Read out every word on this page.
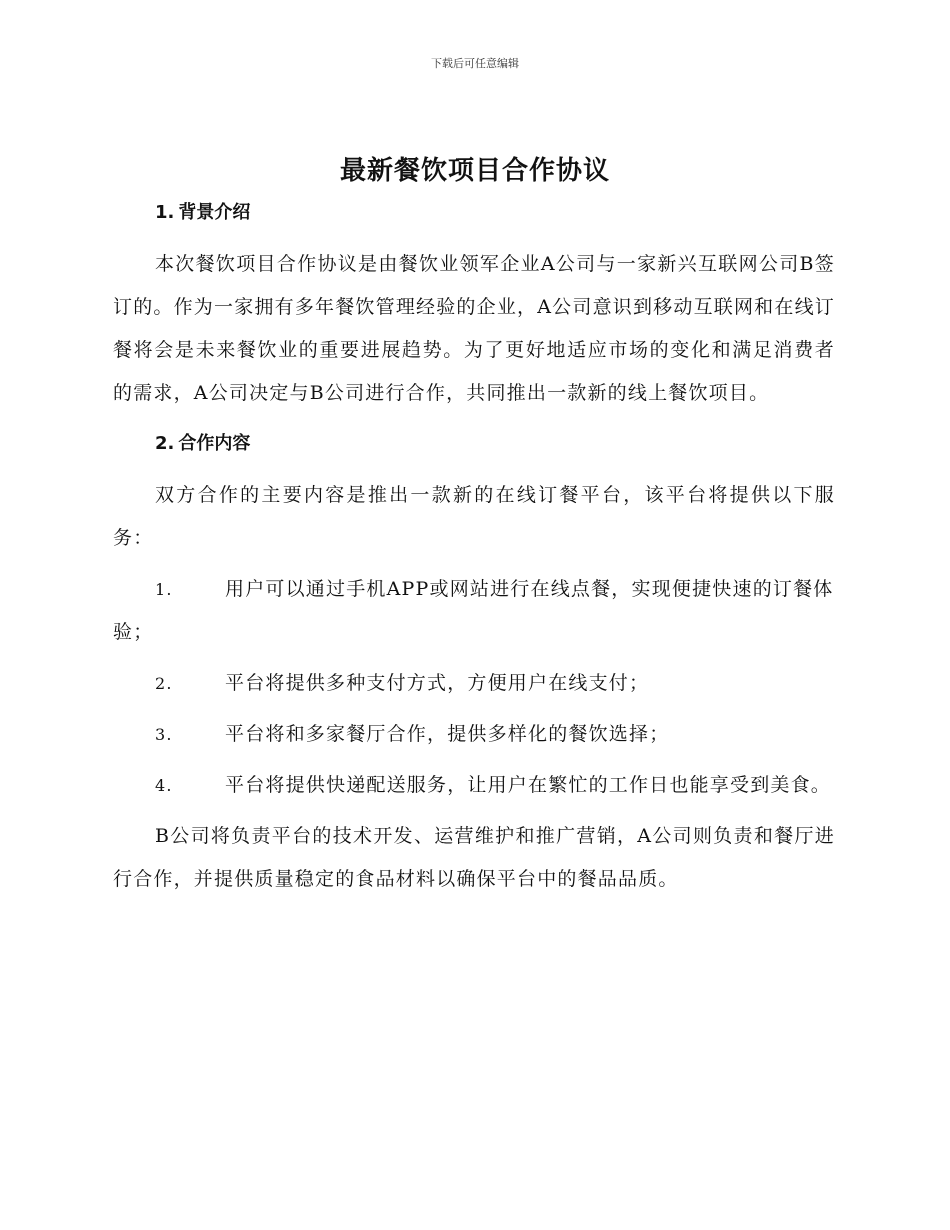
下载后可任意编辑
最新餐饮项目合作协议
1. 背景介绍

本次餐饮项目合作协议是由餐饮业领军企业A公司与一家新兴互联网公司B签订的。作为一家拥有多年餐饮管理经验的企业，A公司意识到移动互联网和在线订餐将会是未来餐饮业的重要进展趋势。为了更好地适应市场的变化和满足消费者的需求，A公司决定与B公司进行合作，共同推出一款新的线上餐饮项目。

2. 合作内容

双方合作的主要内容是推出一款新的在线订餐平台，该平台将提供以下服务：

1.	用户可以通过手机APP或网站进行在线点餐，实现便捷快速的订餐体验；
2.	平台将提供多种支付方式，方便用户在线支付；
3.	平台将和多家餐厅合作，提供多样化的餐饮选择；
4.	平台将提供快递配送服务，让用户在繁忙的工作日也能享受到美食。

B公司将负责平台的技术开发、运营维护和推广营销，A公司则负责和餐厅进行合作，并提供质量稳定的食品材料以确保平台中的餐品品质。
